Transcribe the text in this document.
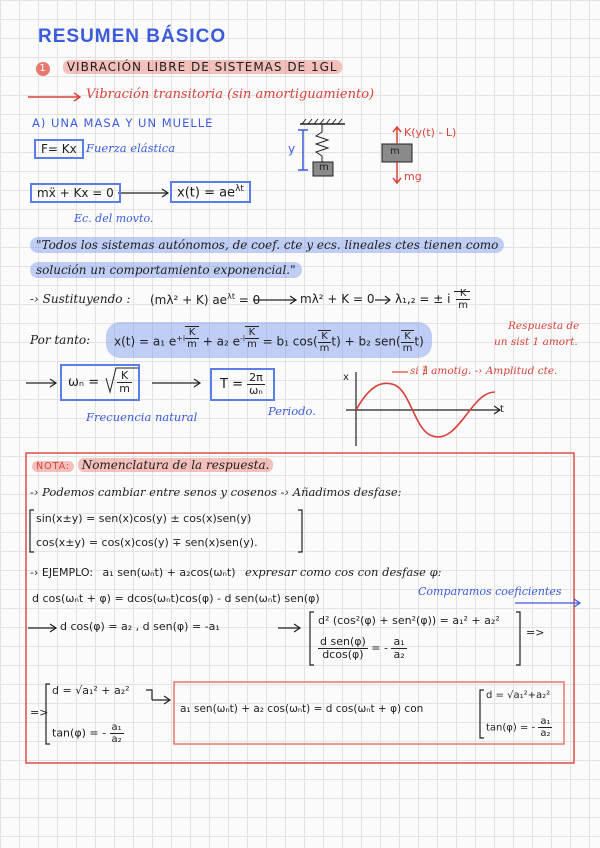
RESUMEN BÁSICO
1 VIBRACIÓN LIBRE DE SISTEMAS DE 1GL
Vibración transitoria (sin amortiguamiento)
A) UNA MASA Y UN MUELLE
F= Kx Fuerza elástica
mẍ + Kx = 0	$x(t) = ae^{\lambda t}$
Ec. del movto.
y
m
m
K(y(t) - L)
mg
"Todos los sistemas autónomos, de coef. cte y ecs. lineales ctes tienen como
solución un comportamiento exponencial."
-› Sustituyendo : (mλ² + K) $ae^{\lambda t} = 0$	mλ² + K = 0 λ₁,₂ = ± i $\frac{K}{m}$
Por tanto:	x(t) = a₁ $e^{+i \frac{K}{m}} + a_2$ $e^{-i \frac{K}{m}} = b_1$ $\cos( \frac{K}{m} t) + b_2$ $sen( \frac{K}{m} t)$
Respuesta de
un sist 1 amort.
$\omega_n = \frac{K}{m}$
Frecuencia natural
$T = \frac{2\pi}{\text{ωₙ}}$
Periodo.
x
t
si ∄ amotig. -› Amplitud cte.
NOTA: Nomenclatura de la respuesta.
-› Podemos cambiar entre senos y cosenos -› Añadimos desfase:
sin(x±y) = sen(x)cos(y) ± cos(x)sen(y)
cos(x±y) = cos(x)cos(y) ∓ sen(x)sen(y).
-› EJEMPLO: a₁ sen(ωₙt) + a₂cos(ωₙt) expresar como cos con desfase φ:
d cos(ωₙt + φ) = dcos(ωₙt)cos(φ) - d sen(ωₙt) sen(φ)
Comparamos coeficientes
d cos(φ) = a₂ , d sen(φ) = -a₁	d² (cos²(φ) + sen²(φ)) = a₁² + a₂²
$\frac{\text{d sen(φ)}}{dcos(\varphi)}$ = - $\frac{\text{a₁}}{\text{a₂}}$
=>
=>
d = √a₁² + a₂²
tan(φ) = - $\frac{\text{a₁}}{\text{a₂}}$
a₁ sen(ωₙt) + a₂ cos(ωₙt) = d cos(ωₙt + φ) con
d = √a₁²+a₂²
tan(φ) = - $\frac{\text{a₁}}{\text{a₂}}$
